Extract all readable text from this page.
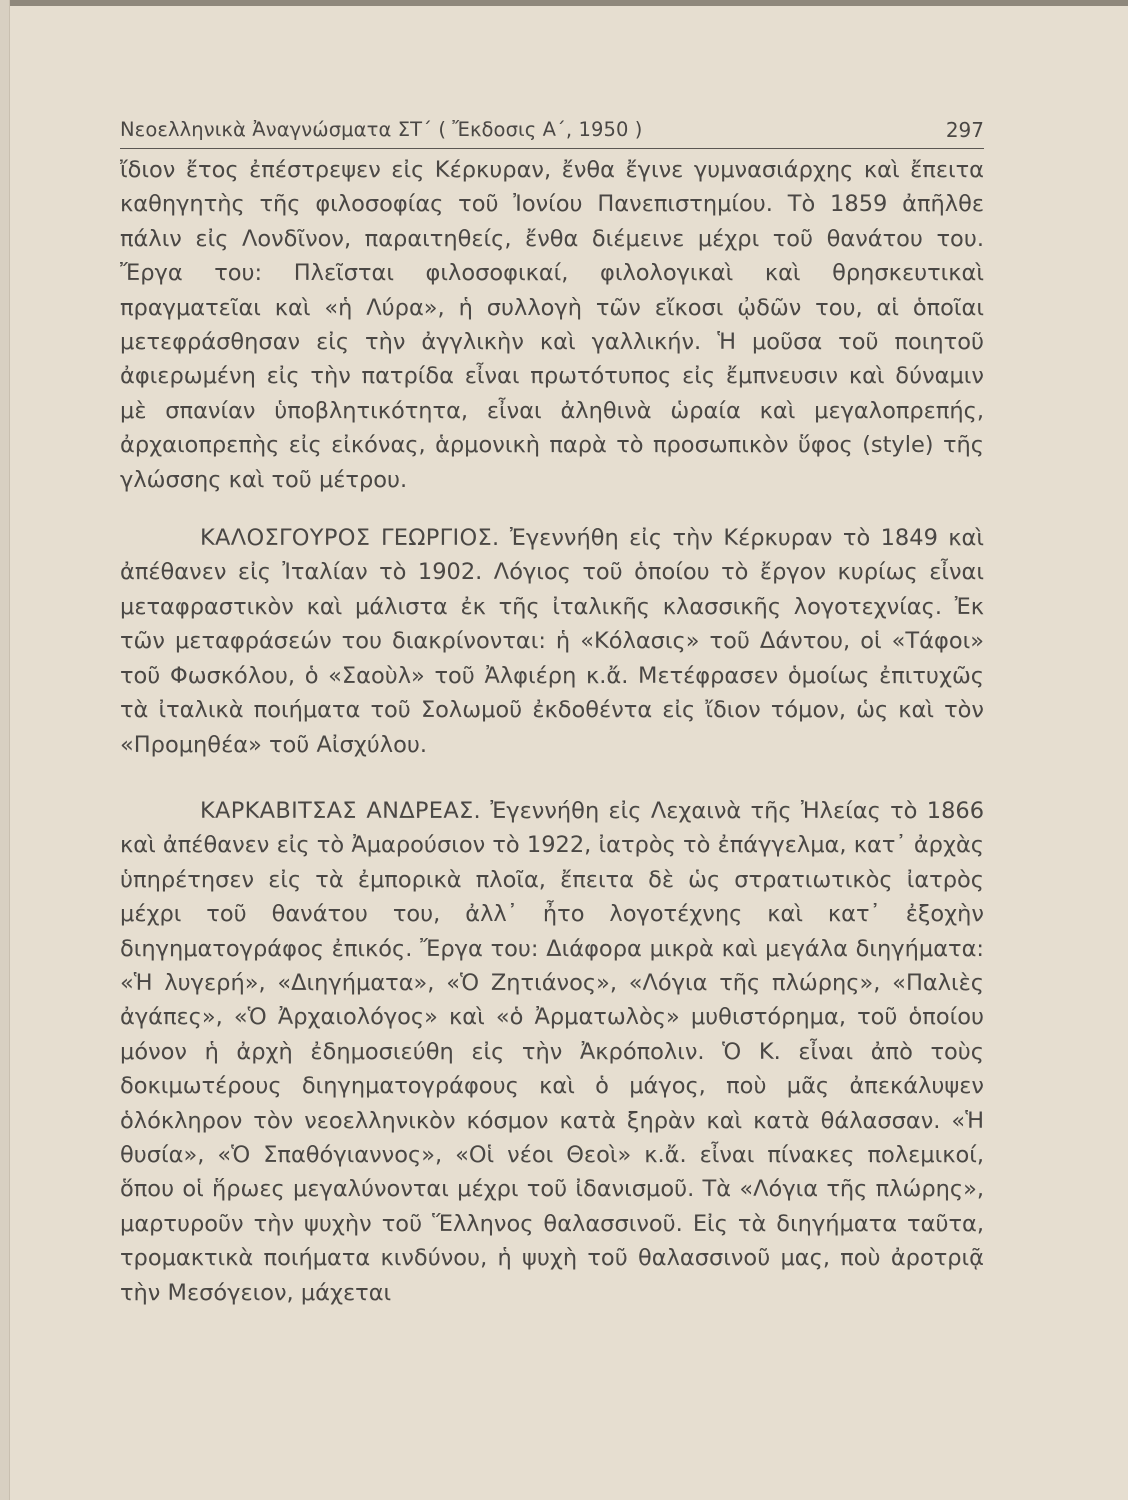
Νεοελληνικὰ Ἀναγνώσματα ΣΤ΄ ( Ἔκδοσις Α΄, 1950 )	297

ἴδιον ἔτος ἐπέστρεψεν εἰς Κέρκυραν, ἔνθα ἔγινε γυμνασιάρχης καὶ ἔπειτα καθηγητὴς τῆς φιλοσοφίας τοῦ Ἰονίου Πανεπιστημίου. Τὸ 1859 ἀπῆλθε πάλιν εἰς Λονδῖνον, παραιτηθείς, ἔνθα διέμεινε μέχρι τοῦ θανάτου του. Ἔργα του: Πλεῖσται φιλοσοφικαί, φιλολογικαὶ καὶ θρησκευτικαὶ πραγματεῖαι καὶ «ἡ Λύρα», ἡ συλλογὴ τῶν εἴκοσι ᾠδῶν του, αἱ ὁποῖαι μετεφράσθησαν εἰς τὴν ἀγγλικὴν καὶ γαλλικήν. Ἡ μοῦσα τοῦ ποιητοῦ ἀφιερωμένη εἰς τὴν πατρίδα εἶναι πρωτότυπος εἰς ἔμπνευσιν καὶ δύναμιν μὲ σπανίαν ὑποβλητικότητα, εἶναι ἀληθινὰ ὡραία καὶ μεγαλοπρεπής, ἀρχαιοπρεπὴς εἰς εἰκόνας, ἁρμονικὴ παρὰ τὸ προσωπικὸν ὕφος (style) τῆς γλώσσης καὶ τοῦ μέτρου.

ΚΑΛΟΣΓΟΥΡΟΣ ΓΕΩΡΓΙΟΣ. Ἐγεννήθη εἰς τὴν Κέρκυραν τὸ 1849 καὶ ἀπέθανεν εἰς Ἰταλίαν τὸ 1902. Λόγιος τοῦ ὁποίου τὸ ἔργον κυρίως εἶναι μεταφραστικὸν καὶ μάλιστα ἐκ τῆς ἰταλικῆς κλασσικῆς λογοτεχνίας. Ἐκ τῶν μεταφράσεών του διακρίνονται: ἡ «Κόλασις» τοῦ Δάντου, οἱ «Τάφοι» τοῦ Φωσκόλου, ὁ «Σαοὺλ» τοῦ Ἀλφιέρη κ.ἄ. Μετέφρασεν ὁμοίως ἐπιτυχῶς τὰ ἰταλικὰ ποιήματα τοῦ Σολωμοῦ ἐκδοθέντα εἰς ἴδιον τόμον, ὡς καὶ τὸν «Προμηθέα» τοῦ Αἰσχύλου.

ΚΑΡΚΑΒΙΤΣΑΣ ΑΝΔΡΕΑΣ. Ἐγεννήθη εἰς Λεχαινὰ τῆς Ἠλείας τὸ 1866 καὶ ἀπέθανεν εἰς τὸ Ἀμαρούσιον τὸ 1922, ἰατρὸς τὸ ἐπάγγελμα, κατ᾿ ἀρχὰς ὑπηρέτησεν εἰς τὰ ἐμπορικὰ πλοῖα, ἔπειτα δὲ ὡς στρατιωτικὸς ἰατρὸς μέχρι τοῦ θανάτου του, ἀλλ᾿ ἦτο λογοτέχνης καὶ κατ᾿ ἐξοχὴν διηγηματογράφος ἐπικός. Ἔργα του: Διάφορα μικρὰ καὶ μεγάλα διηγήματα: «Ἡ λυγερή», «Διηγήματα», «Ὁ Ζητιάνος», «Λόγια τῆς πλώρης», «Παλιὲς ἀγάπες», «Ὁ Ἀρχαιολόγος» καὶ «ὁ Ἀρματωλὸς» μυθιστόρημα, τοῦ ὁποίου μόνον ἡ ἀρχὴ ἐδημοσιεύθη εἰς τὴν Ἀκρόπολιν. Ὁ Κ. εἶναι ἀπὸ τοὺς δοκιμωτέρους διηγηματογράφους καὶ ὁ μάγος, ποὺ μᾶς ἀπεκάλυψεν ὁλόκληρον τὸν νεοελληνικὸν κόσμον κατὰ ξηρὰν καὶ κατὰ θάλασσαν. «Ἡ θυσία», «Ὁ Σπαθόγιαννος», «Οἱ νέοι Θεοὶ» κ.ἄ. εἶναι πίνακες πολεμικοί, ὅπου οἱ ἥρωες μεγαλύνονται μέχρι τοῦ ἰδανισμοῦ. Τὰ «Λόγια τῆς πλώρης», μαρτυροῦν τὴν ψυχὴν τοῦ Ἕλληνος θαλασσινοῦ. Εἰς τὰ διηγήματα ταῦτα, τρομακτικὰ ποιήματα κινδύνου, ἡ ψυχὴ τοῦ θαλασσινοῦ μας, ποὺ ἀροτριᾷ τὴν Μεσόγειον, μάχεται
